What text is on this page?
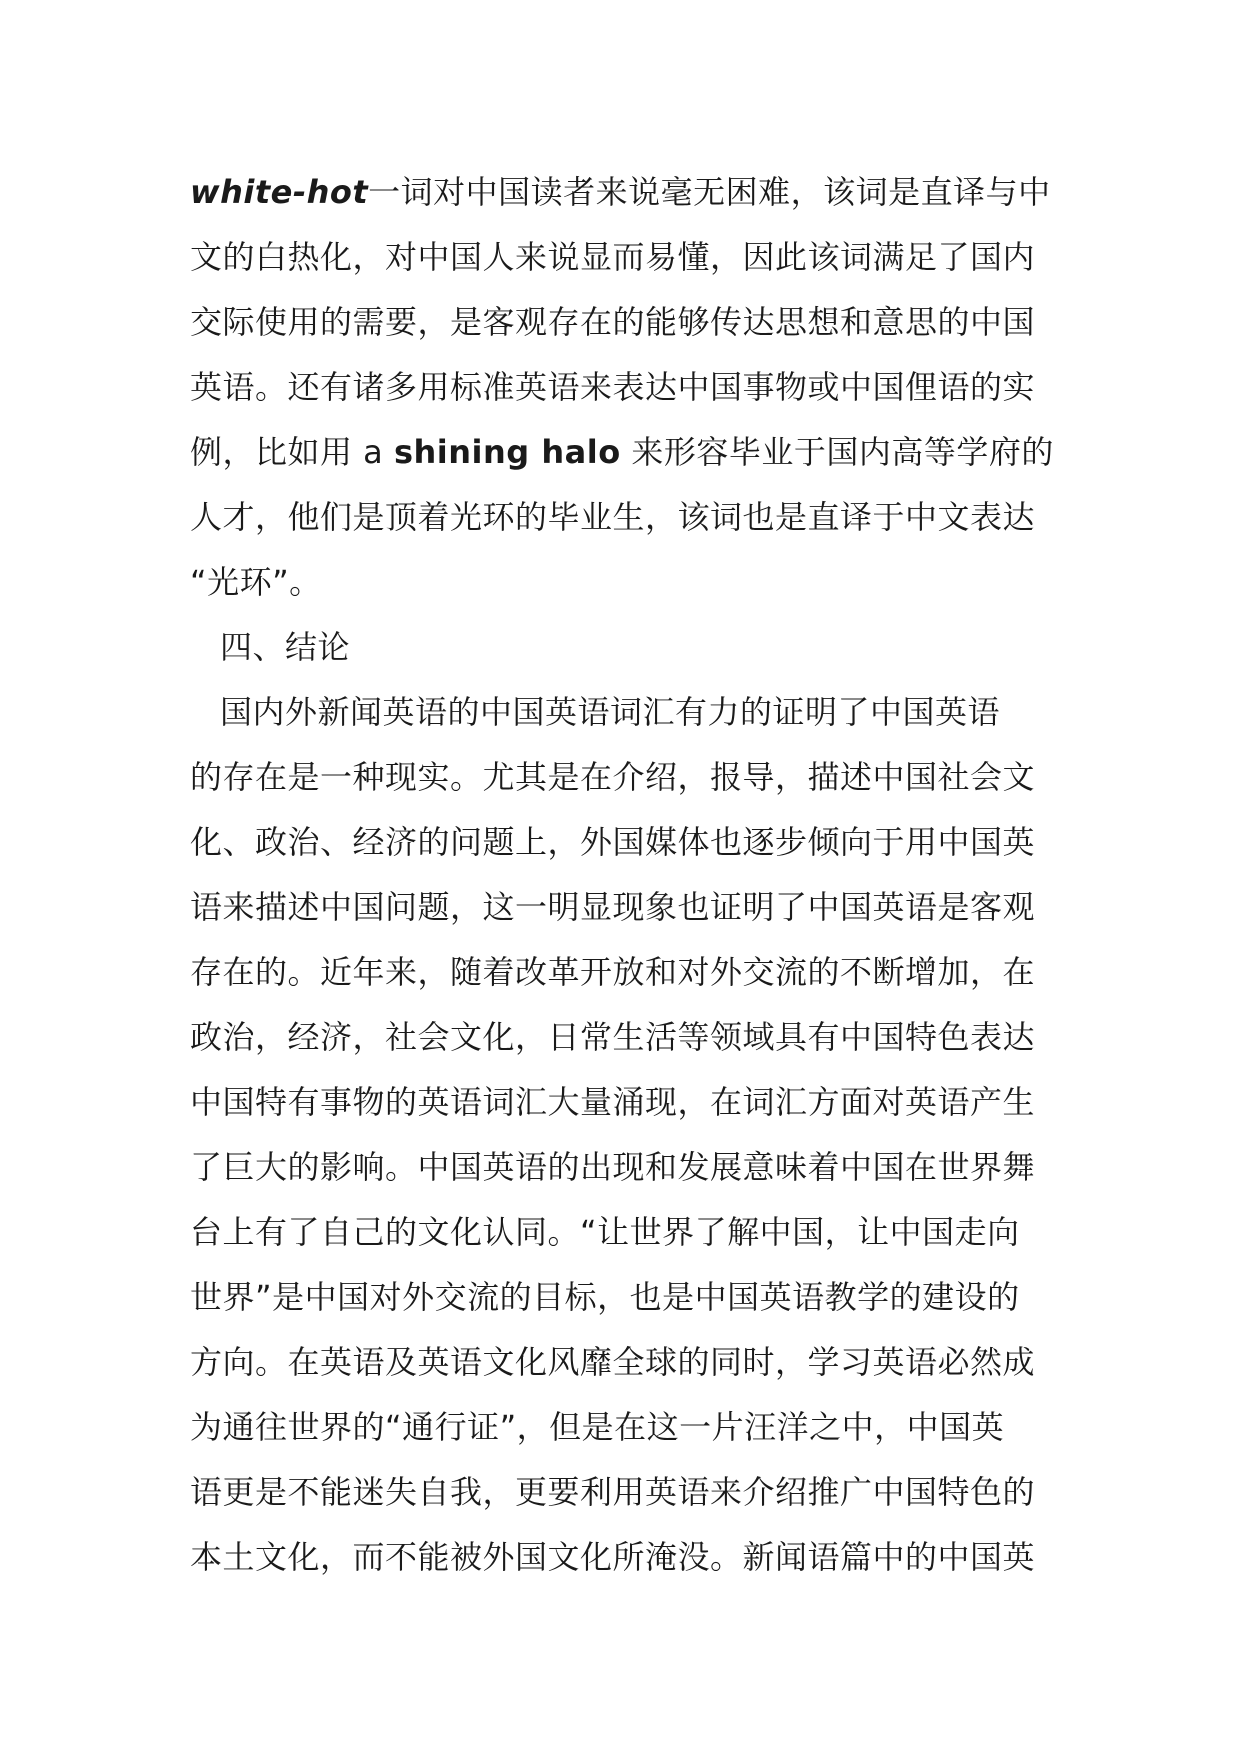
white-hot一词对中国读者来说毫无困难，该词是直译与中
文的白热化，对中国人来说显而易懂，因此该词满足了国内
交际使用的需要，是客观存在的能够传达思想和意思的中国
英语。还有诸多用标准英语来表达中国事物或中国俚语的实
例，比如用 a shining halo 来形容毕业于国内高等学府的
人才，他们是顶着光环的毕业生，该词也是直译于中文表达
“光环”。
四、结论
国内外新闻英语的中国英语词汇有力的证明了中国英语
的存在是一种现实。尤其是在介绍，报导，描述中国社会文
化、政治、经济的问题上，外国媒体也逐步倾向于用中国英
语来描述中国问题，这一明显现象也证明了中国英语是客观
存在的。近年来，随着改革开放和对外交流的不断增加，在
政治，经济，社会文化，日常生活等领域具有中国特色表达
中国特有事物的英语词汇大量涌现，在词汇方面对英语产生
了巨大的影响。中国英语的出现和发展意味着中国在世界舞
台上有了自己的文化认同。“让世界了解中国，让中国走向
世界”是中国对外交流的目标，也是中国英语教学的建设的
方向。在英语及英语文化风靡全球的同时，学习英语必然成
为通往世界的“通行证”，但是在这一片汪洋之中，中国英
语更是不能迷失自我，更要利用英语来介绍推广中国特色的
本土文化，而不能被外国文化所淹没。新闻语篇中的中国英
